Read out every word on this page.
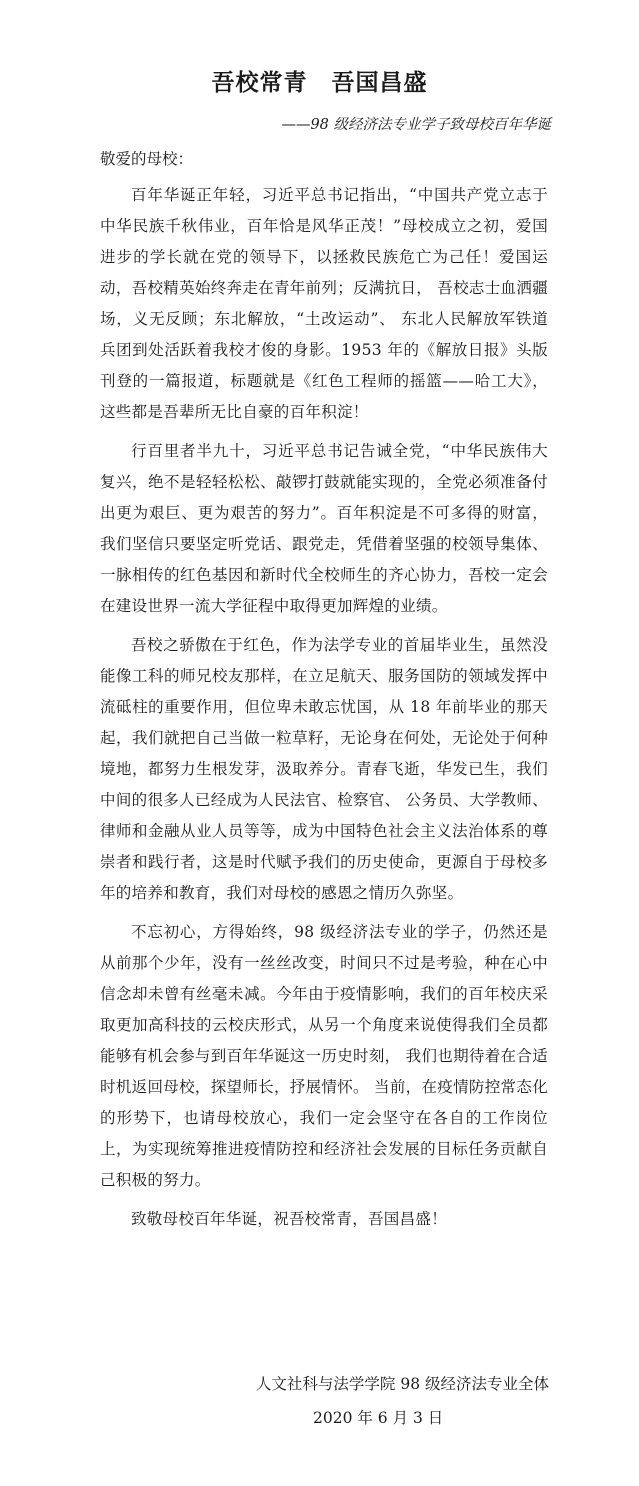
吾校常青　吾国昌盛

——98 级经济法专业学子致母校百年华诞

敬爱的母校：

百年华诞正年轻，习近平总书记指出，“中国共产党立志于中华民族千秋伟业，百年恰是风华正茂！”母校成立之初，爱国进步的学长就在党的领导下，以拯救民族危亡为己任！爱国运动，吾校精英始终奔走在青年前列；反满抗日， 吾校志士血洒疆场，义无反顾；东北解放，“土改运动”、 东北人民解放军铁道兵团到处活跃着我校才俊的身影。1953 年的《解放日报》头版刊登的一篇报道，标题就是《红色工程师的摇篮——哈工大》，这些都是吾辈所无比自豪的百年积淀！

行百里者半九十，习近平总书记告诫全党，“中华民族伟大复兴，绝不是轻轻松松、敲锣打鼓就能实现的，全党必须准备付出更为艰巨、更为艰苦的努力”。百年积淀是不可多得的财富，我们坚信只要坚定听党话、跟党走，凭借着坚强的校领导集体、一脉相传的红色基因和新时代全校师生的齐心协力，吾校一定会在建设世界一流大学征程中取得更加辉煌的业绩。

吾校之骄傲在于红色，作为法学专业的首届毕业生，虽然没能像工科的师兄校友那样，在立足航天、服务国防的领域发挥中流砥柱的重要作用，但位卑未敢忘忧国，从 18 年前毕业的那天起，我们就把自己当做一粒草籽，无论身在何处，无论处于何种境地，都努力生根发芽，汲取养分。青春飞逝，华发已生，我们中间的很多人已经成为人民法官、检察官、 公务员、大学教师、律师和金融从业人员等等，成为中国特色社会主义法治体系的尊崇者和践行者，这是时代赋予我们的历史使命，更源自于母校多年的培养和教育，我们对母校的感恩之情历久弥坚。

不忘初心，方得始终，98 级经济法专业的学子，仍然还是从前那个少年，没有一丝丝改变，时间只不过是考验，种在心中信念却未曾有丝毫未减。今年由于疫情影响，我们的百年校庆采取更加高科技的云校庆形式，从另一个角度来说使得我们全员都能够有机会参与到百年华诞这一历史时刻， 我们也期待着在合适时机返回母校，探望师长，抒展情怀。 当前，在疫情防控常态化的形势下，也请母校放心，我们一定会坚守在各自的工作岗位上，为实现统筹推进疫情防控和经济社会发展的目标任务贡献自己积极的努力。

致敬母校百年华诞，祝吾校常青，吾国昌盛！

人文社科与法学学院 98 级经济法专业全体

2020 年 6 月 3 日
